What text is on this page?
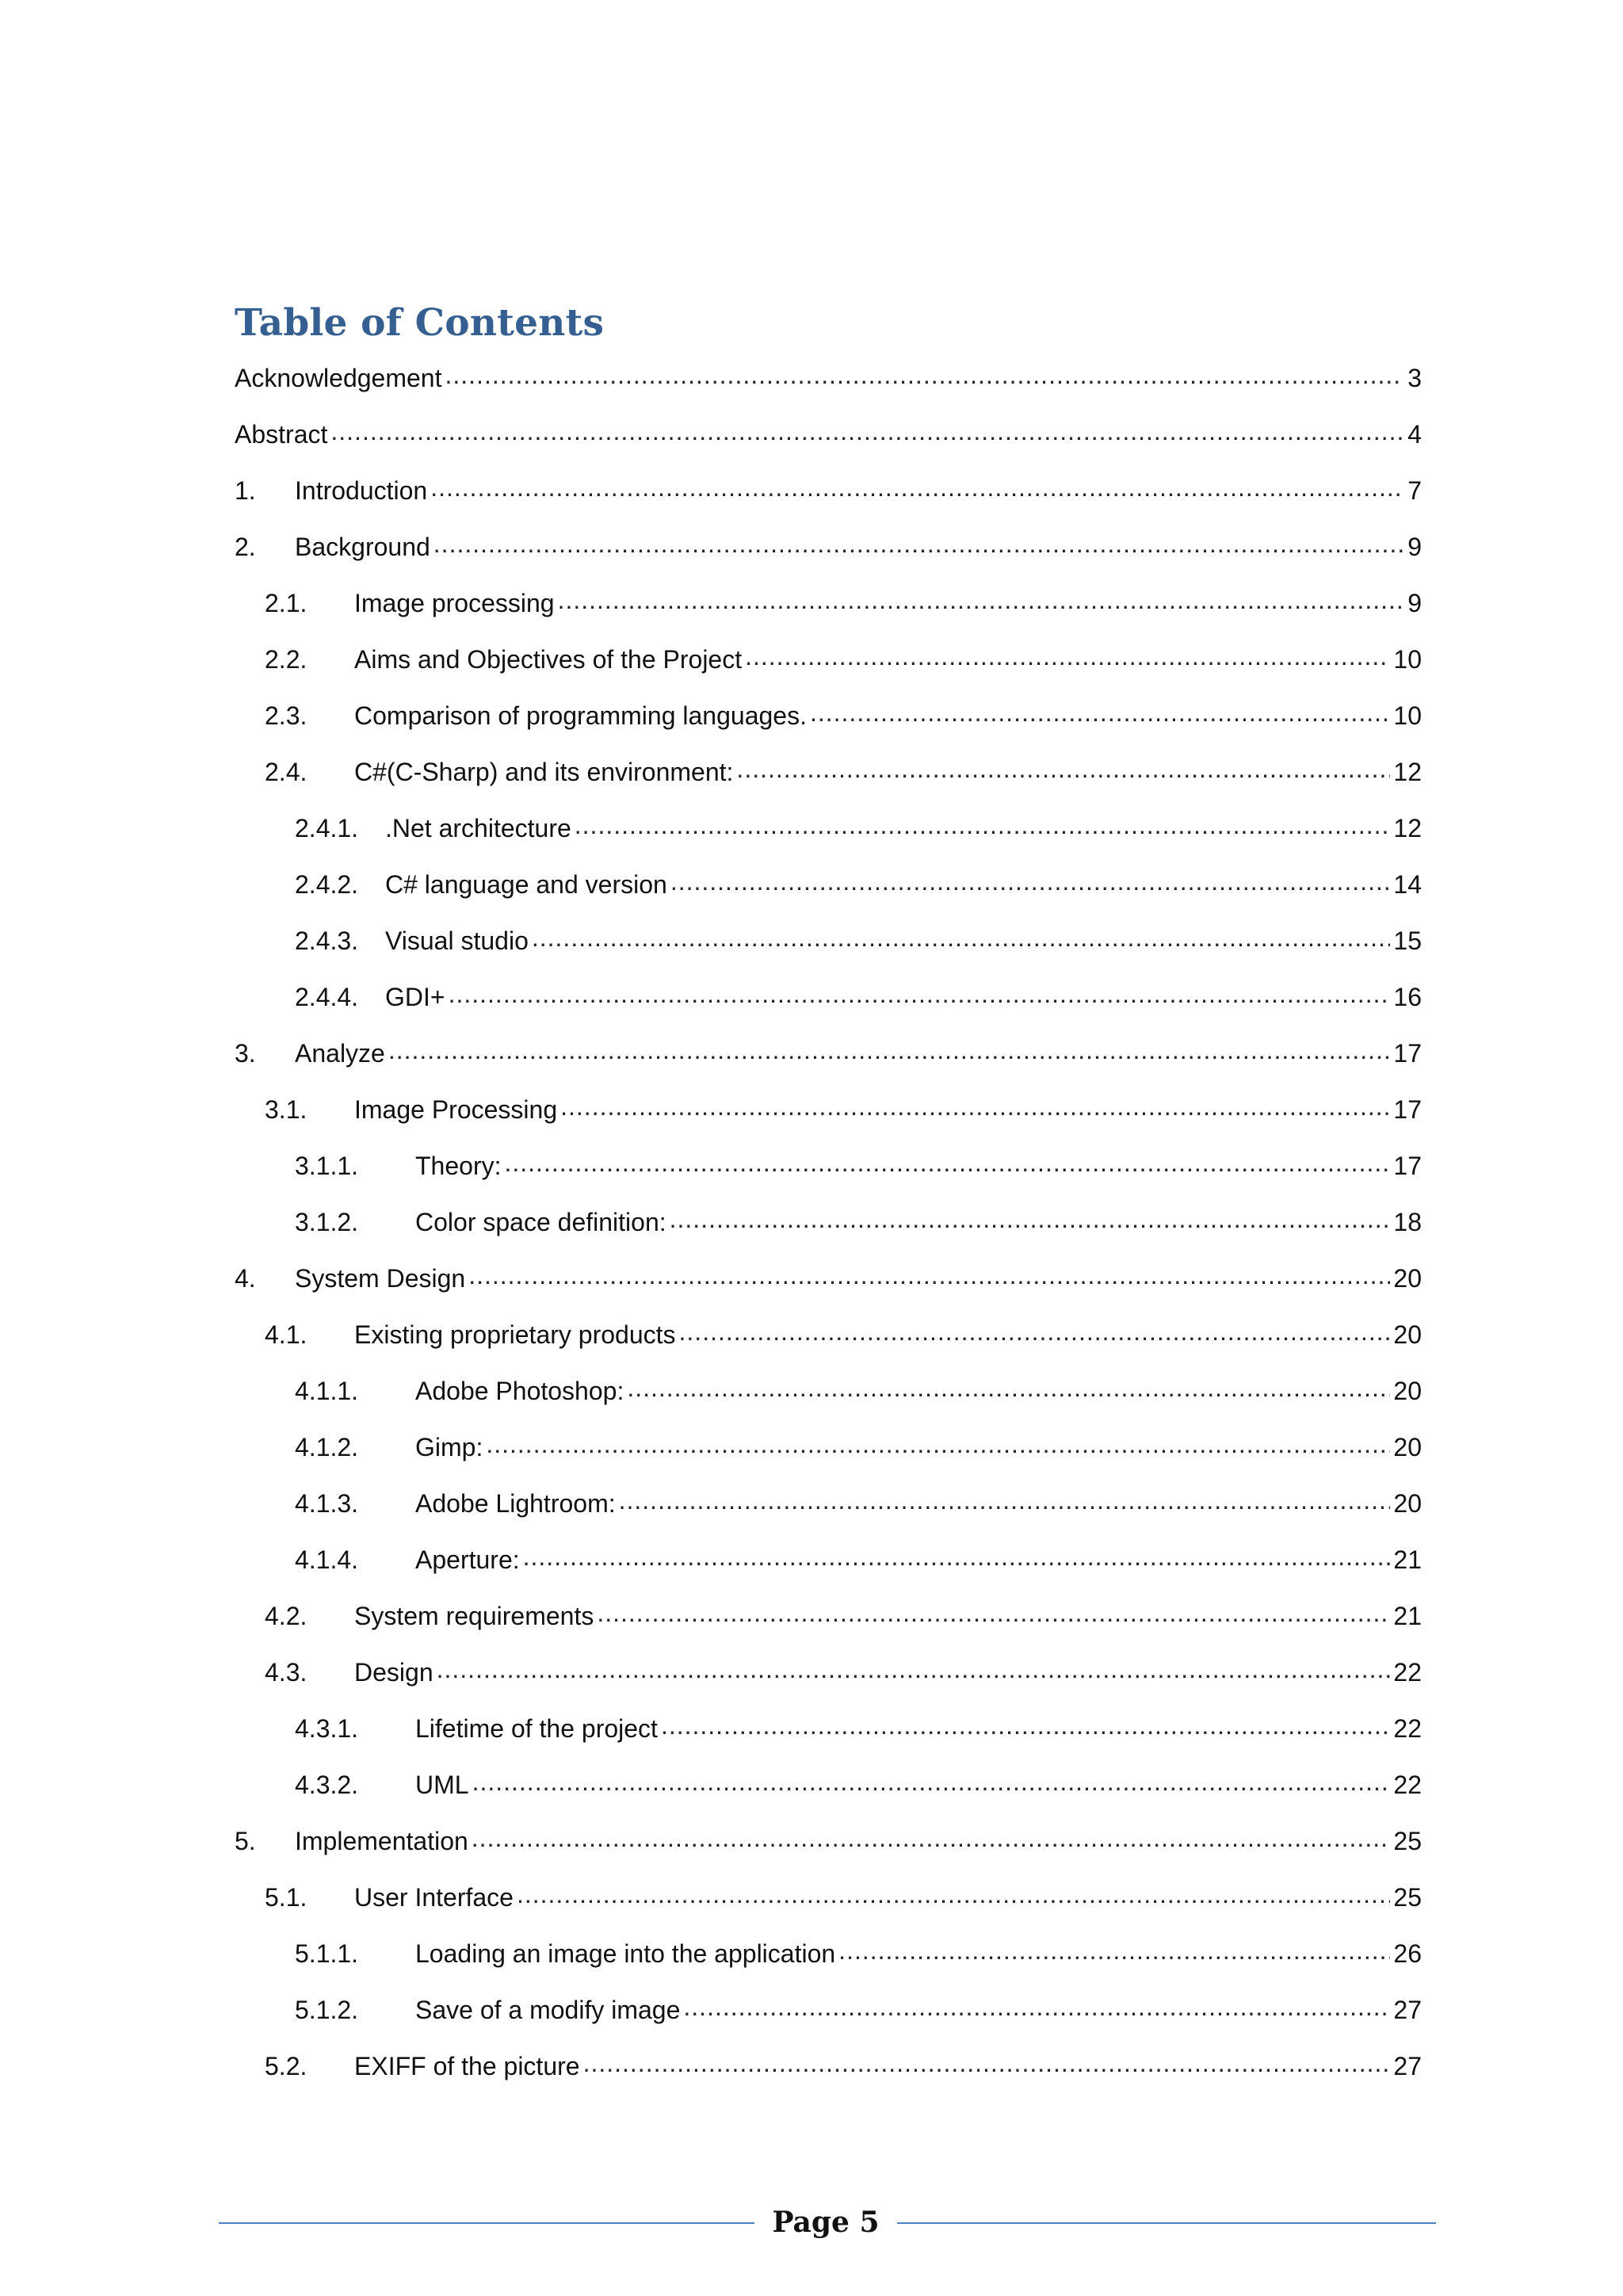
Table of Contents
Acknowledgement .....	3
Abstract .....	4
1.	Introduction .....	7
2.	Background .....	9
2.1.	Image processing .....	9
2.2.	Aims and Objectives of the Project .....	10
2.3.	Comparison of programming languages. .....	10
2.4.	C#(C-Sharp) and its environment: .....	12
2.4.1.	.Net architecture .....	12
2.4.2.	C# language and version .....	14
2.4.3.	Visual studio .....	15
2.4.4.	GDI+ .....	16
3.	Analyze .....	17
3.1.	Image Processing .....	17
3.1.1.	Theory: .....	17
3.1.2.	Color space definition: .....	18
4.	System Design .....	20
4.1.	Existing proprietary products .....	20
4.1.1.	Adobe Photoshop: .....	20
4.1.2.	Gimp: .....	20
4.1.3.	Adobe Lightroom: .....	20
4.1.4.	Aperture: .....	21
4.2.	System requirements .....	21
4.3.	Design .....	22
4.3.1.	Lifetime of the project .....	22
4.3.2.	UML .....	22
5.	Implementation .....	25
5.1.	User Interface .....	25
5.1.1.	Loading an image into the application .....	26
5.1.2.	Save of a modify image .....	27
5.2.	EXIFF of the picture .....	27
Page 5
